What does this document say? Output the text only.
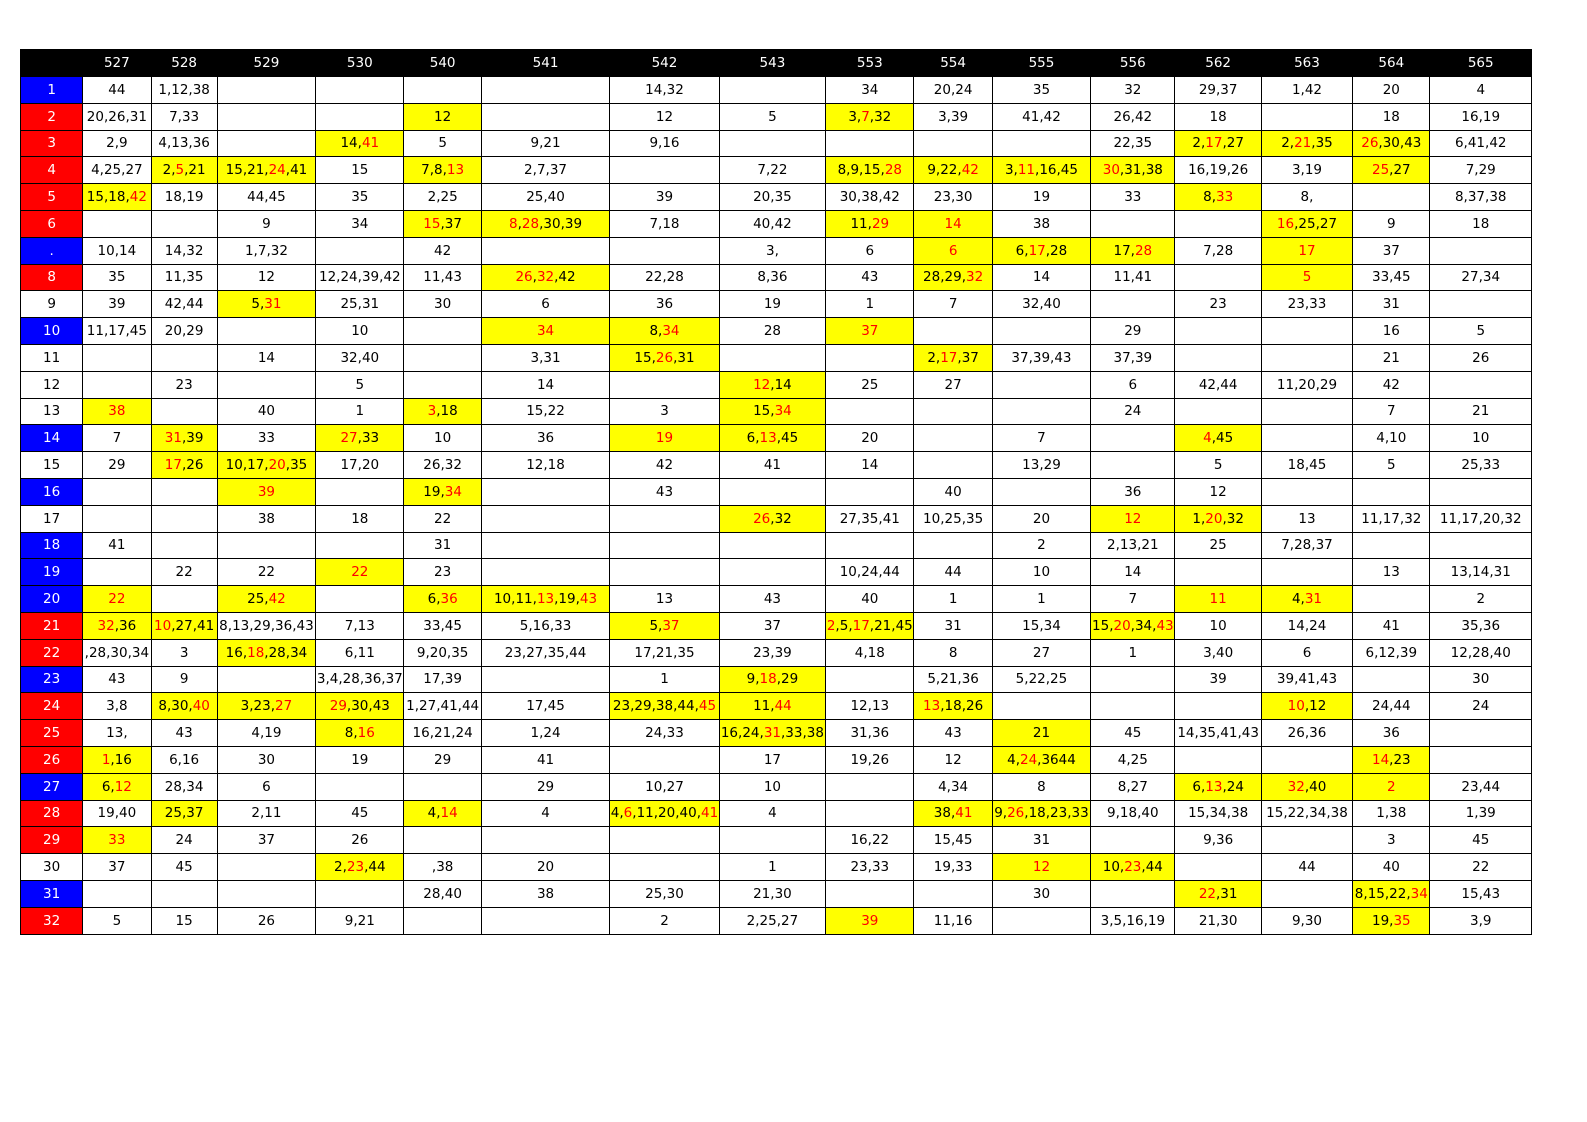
	527	528	529	530	540	541	542	543	553	554	555	556	562	563	564	565
1	44	1,12,38					14,32		34	20,24	35	32	29,37	1,42	20	4
2	20,26,31	7,33			12		12	5	3,7,32	3,39	41,42	26,42	18		18	16,19
3	2,9	4,13,36		14,41	5	9,21	9,16					22,35	2,17,27	2,21,35	26,30,43	6,41,42
4	4,25,27	2,5,21	15,21,24,41	15	7,8,13	2,7,37		7,22	8,9,15,28	9,22,42	3,11,16,45	30,31,38	16,19,26	3,19	25,27	7,29
5	15,18,42	18,19	44,45	35	2,25	25,40	39	20,35	30,38,42	23,30	19	33	8,33	8,		8,37,38
6			9	34	15,37	8,28,30,39	7,18	40,42	11,29	14	38			16,25,27	9	18
.	10,14	14,32	1,7,32		42			3,	6	6	6,17,28	17,28	7,28	17	37	
8	35	11,35	12	12,24,39,42	11,43	26,32,42	22,28	8,36	43	28,29,32	14	11,41		5	33,45	27,34
9	39	42,44	5,31	25,31	30	6	36	19	1	7	32,40		23	23,33	31	
10	11,17,45	20,29		10		34	8,34	28	37			29			16	5
11			14	32,40		3,31	15,26,31			2,17,37	37,39,43	37,39			21	26
12		23		5		14		12,14	25	27		6	42,44	11,20,29	42	
13	38		40	1	3,18	15,22	3	15,34				24			7	21
14	7	31,39	33	27,33	10	36	19	6,13,45	20		7		4,45		4,10	10
15	29	17,26	10,17,20,35	17,20	26,32	12,18	42	41	14		13,29		5	18,45	5	25,33
16			39		19,34		43			40		36	12			
17			38	18	22			26,32	27,35,41	10,25,35	20	12	1,20,32	13	11,17,32	11,17,20,32
18	41				31						2	2,13,21	25	7,28,37		
19		22	22	22	23				10,24,44	44	10	14			13	13,14,31
20	22		25,42		6,36	10,11,13,19,43	13	43	40	1	1	7	11	4,31		2
21	32,36	10,27,41	8,13,29,36,43	7,13	33,45	5,16,33	5,37	37	2,5,17,21,45	31	15,34	15,20,34,43	10	14,24	41	35,36
22	,28,30,34	3	16,18,28,34	6,11	9,20,35	23,27,35,44	17,21,35	23,39	4,18	8	27	1	3,40	6	6,12,39	12,28,40
23	43	9		3,4,28,36,37	17,39		1	9,18,29		5,21,36	5,22,25		39	39,41,43		30
24	3,8	8,30,40	3,23,27	29,30,43	1,27,41,44	17,45	23,29,38,44,45	11,44	12,13	13,18,26				10,12	24,44	24
25	13,	43	4,19	8,16	16,21,24	1,24	24,33	16,24,31,33,38	31,36	43	21	45	14,35,41,43	26,36	36	
26	1,16	6,16	30	19	29	41		17	19,26	12	4,24,3644	4,25			14,23	
27	6,12	28,34	6			29	10,27	10		4,34	8	8,27	6,13,24	32,40	2	23,44
28	19,40	25,37	2,11	45	4,14	4	4,6,11,20,40,41	4		38,41	9,26,18,23,33	9,18,40	15,34,38	15,22,34,38	1,38	1,39
29	33	24	37	26					16,22	15,45	31		9,36		3	45
30	37	45		2,23,44	,38	20		1	23,33	19,33	12	10,23,44		44	40	22
31					28,40	38	25,30	21,30			30		22,31		8,15,22,34	15,43
32	5	15	26	9,21			2	2,25,27	39	11,16		3,5,16,19	21,30	9,30	19,35	3,9
